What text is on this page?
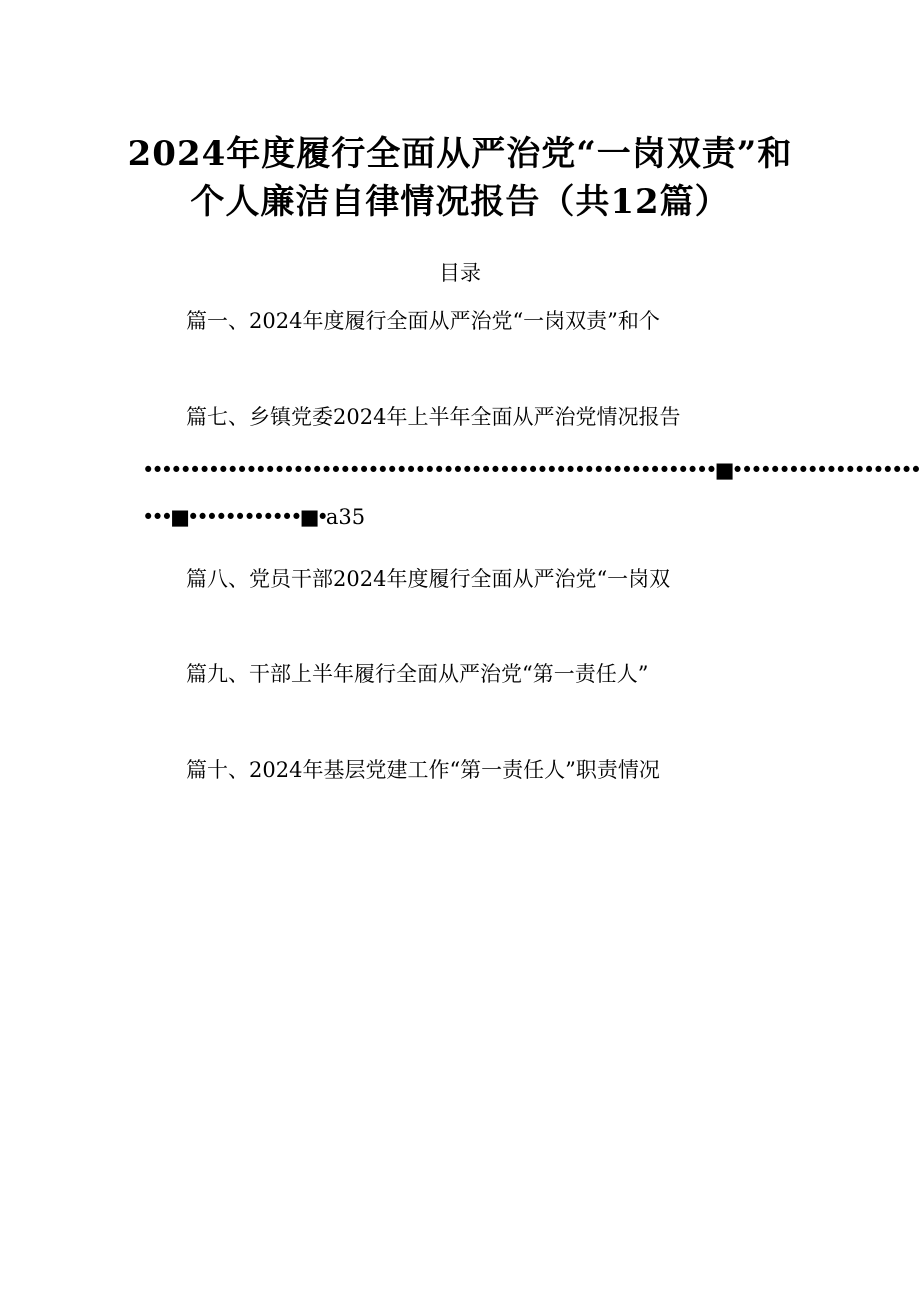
2024年度履行全面从严治党“一岗双责”和
个人廉洁自律情况报告（共12篇）
目录
篇一、2024年度履行全面从严治党“一岗双责”和个
篇七、乡镇党委2024年上半年全面从严治党情况报告
•••••••••••••••••••••••••••••••••••••••••••••••••••••••••••••■••••••••••••••••••••
•••■••••••••••••■•a35
篇八、党员干部2024年度履行全面从严治党“一岗双
篇九、干部上半年履行全面从严治党“第一责任人”
篇十、2024年基层党建工作“第一责任人”职责情况
